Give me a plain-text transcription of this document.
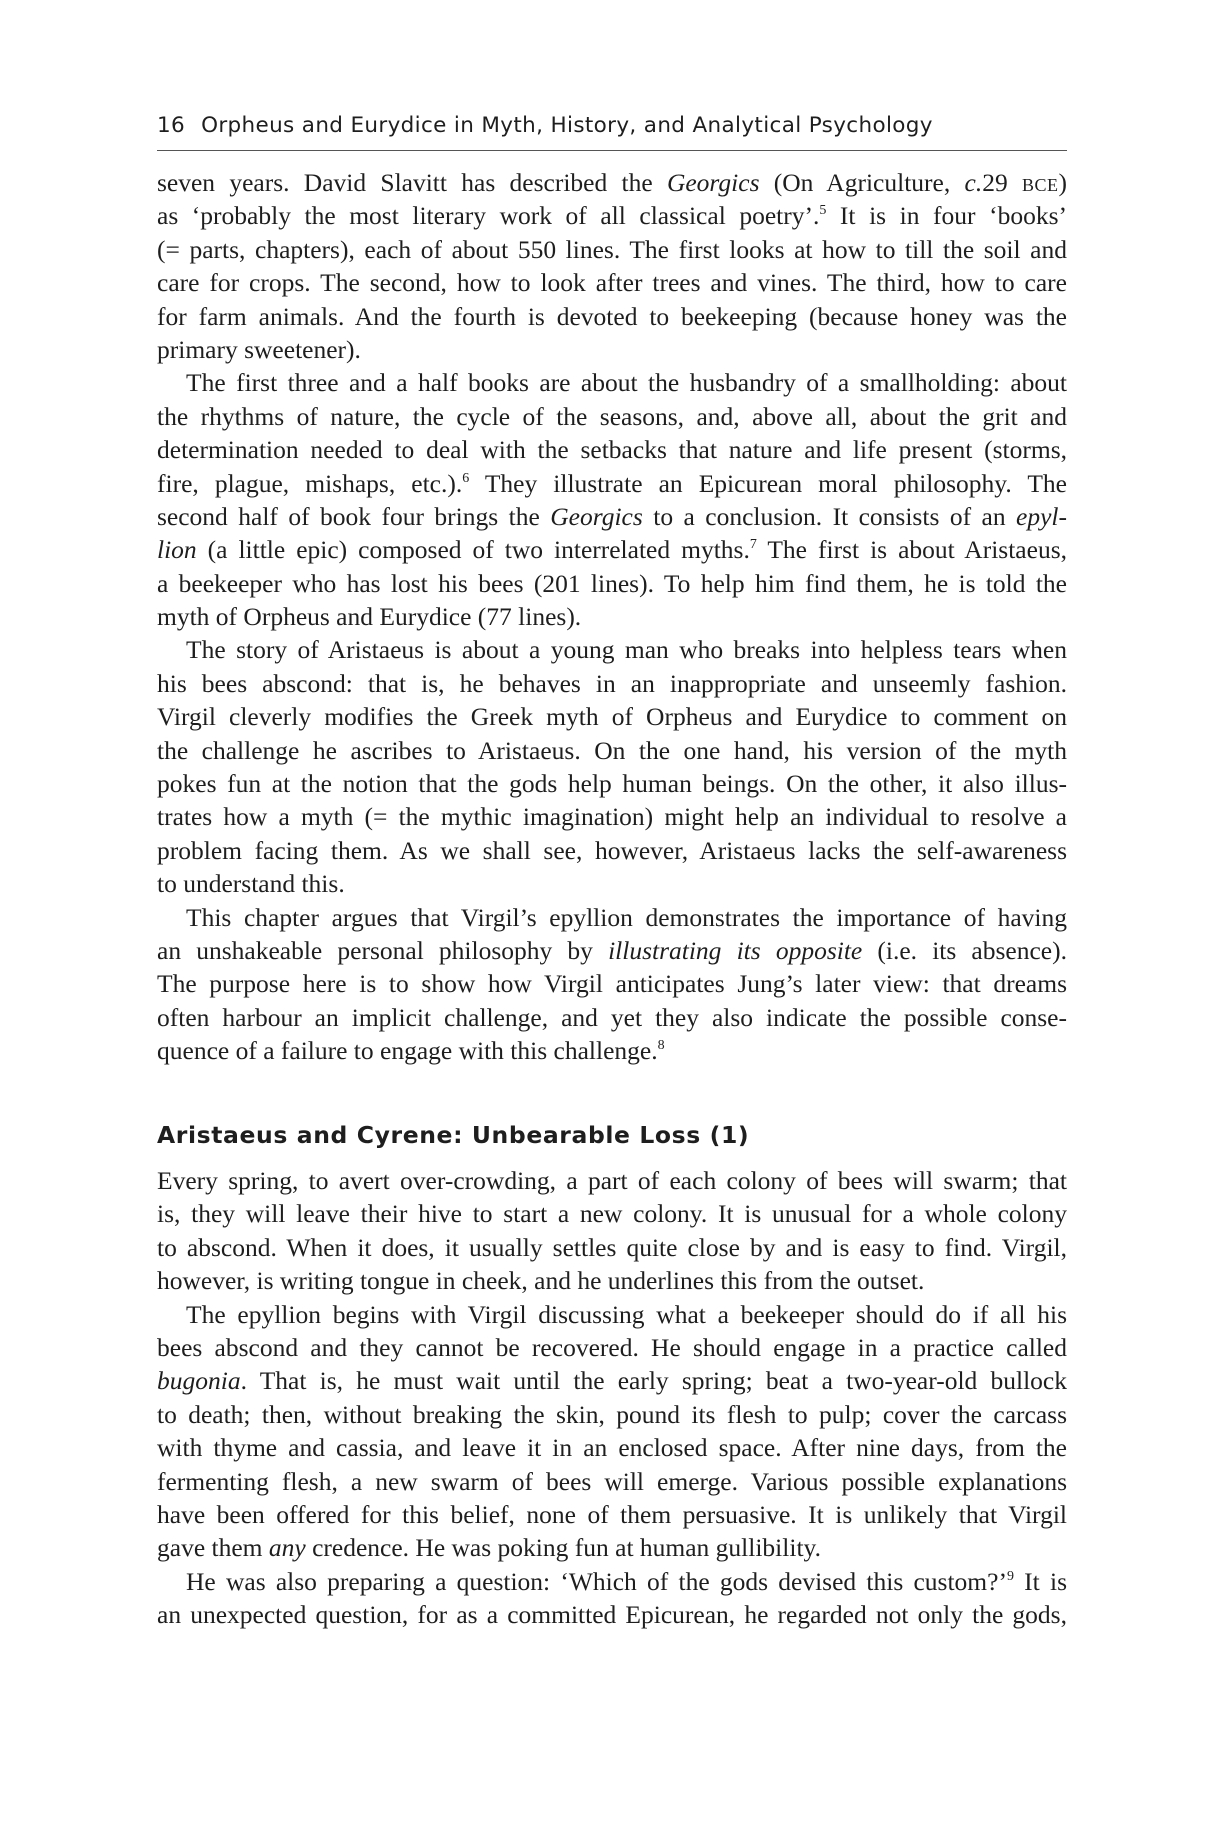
16 Orpheus and Eurydice in Myth, History, and Analytical Psychology
seven years. David Slavitt has described the Georgics (On Agriculture, c.29 BCE)
as ‘probably the most literary work of all classical poetry’.$^5$ It is in four ‘books’
(= parts, chapters), each of about 550 lines. The first looks at how to till the soil and
care for crops. The second, how to look after trees and vines. The third, how to care
for farm animals. And the fourth is devoted to beekeeping (because honey was the
primary sweetener).
The first three and a half books are about the husbandry of a smallholding: about
the rhythms of nature, the cycle of the seasons, and, above all, about the grit and
determination needed to deal with the setbacks that nature and life present (storms,
fire, plague, mishaps, etc.).$^6$ They illustrate an Epicurean moral philosophy. The
second half of book four brings the Georgics to a conclusion. It consists of an epyl-
lion (a little epic) composed of two interrelated myths.$^7$ The first is about Aristaeus,
a beekeeper who has lost his bees (201 lines). To help him find them, he is told the
myth of Orpheus and Eurydice (77 lines).
The story of Aristaeus is about a young man who breaks into helpless tears when
his bees abscond: that is, he behaves in an inappropriate and unseemly fashion.
Virgil cleverly modifies the Greek myth of Orpheus and Eurydice to comment on
the challenge he ascribes to Aristaeus. On the one hand, his version of the myth
pokes fun at the notion that the gods help human beings. On the other, it also illus-
trates how a myth (= the mythic imagination) might help an individual to resolve a
problem facing them. As we shall see, however, Aristaeus lacks the self-awareness
to understand this.
This chapter argues that Virgil’s epyllion demonstrates the importance of having
an unshakeable personal philosophy by illustrating its opposite (i.e. its absence).
The purpose here is to show how Virgil anticipates Jung’s later view: that dreams
often harbour an implicit challenge, and yet they also indicate the possible conse-
quence of a failure to engage with this challenge.$^8$
Aristaeus and Cyrene: Unbearable Loss (1)
Every spring, to avert over-crowding, a part of each colony of bees will swarm; that
is, they will leave their hive to start a new colony. It is unusual for a whole colony
to abscond. When it does, it usually settles quite close by and is easy to find. Virgil,
however, is writing tongue in cheek, and he underlines this from the outset.
The epyllion begins with Virgil discussing what a beekeeper should do if all his
bees abscond and they cannot be recovered. He should engage in a practice called
bugonia. That is, he must wait until the early spring; beat a two-year-old bullock
to death; then, without breaking the skin, pound its flesh to pulp; cover the carcass
with thyme and cassia, and leave it in an enclosed space. After nine days, from the
fermenting flesh, a new swarm of bees will emerge. Various possible explanations
have been offered for this belief, none of them persuasive. It is unlikely that Virgil
gave them any credence. He was poking fun at human gullibility.
He was also preparing a question: ‘Which of the gods devised this custom?’$^9$ It is
an unexpected question, for as a committed Epicurean, he regarded not only the gods,
